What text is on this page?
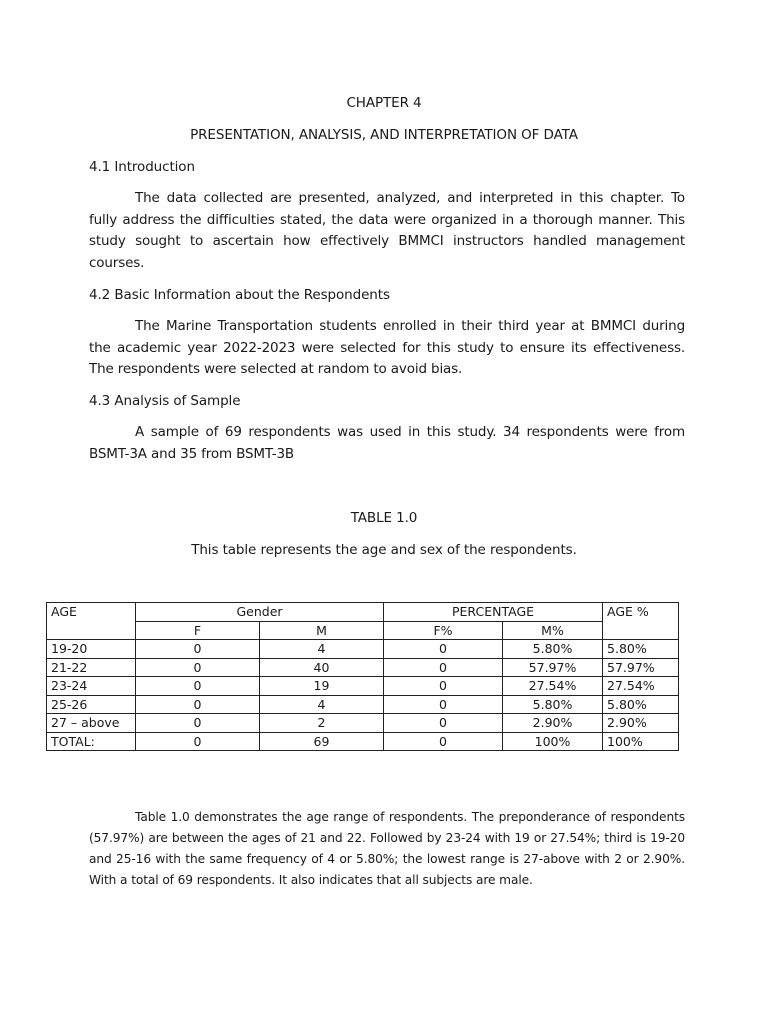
CHAPTER 4
PRESENTATION, ANALYSIS, AND INTERPRETATION OF DATA
4.1 Introduction

The data collected are presented, analyzed, and interpreted in this chapter. To fully address the difficulties stated, the data were organized in a thorough manner. This study sought to ascertain how effectively BMMCI instructors handled management courses.

4.2 Basic Information about the Respondents

The Marine Transportation students enrolled in their third year at BMMCI during the academic year 2022-2023 were selected for this study to ensure its effectiveness. The respondents were selected at random to avoid bias.

4.3 Analysis of Sample

A sample of 69 respondents was used in this study. 34 respondents were from BSMT-3A and 35 from BSMT-3B

TABLE 1.0
This table represents the age and sex of the respondents.
AGE	Gender		PERCENTAGE		AGE %
	F	M	F%	M%	
19-20	0	4	0	5.80%	5.80%
21-22	0	40	0	57.97%	57.97%
23-24	0	19	0	27.54%	27.54%
25-26	0	4	0	5.80%	5.80%
27 – above	0	2	0	2.90%	2.90%
TOTAL:	0	69	0	100%	100%

Table 1.0 demonstrates the age range of respondents. The preponderance of respondents (57.97%) are between the ages of 21 and 22. Followed by 23-24 with 19 or 27.54%; third is 19-20 and 25-16 with the same frequency of 4 or 5.80%; the lowest range is 27-above with 2 or 2.90%. With a total of 69 respondents. It also indicates that all subjects are male.
